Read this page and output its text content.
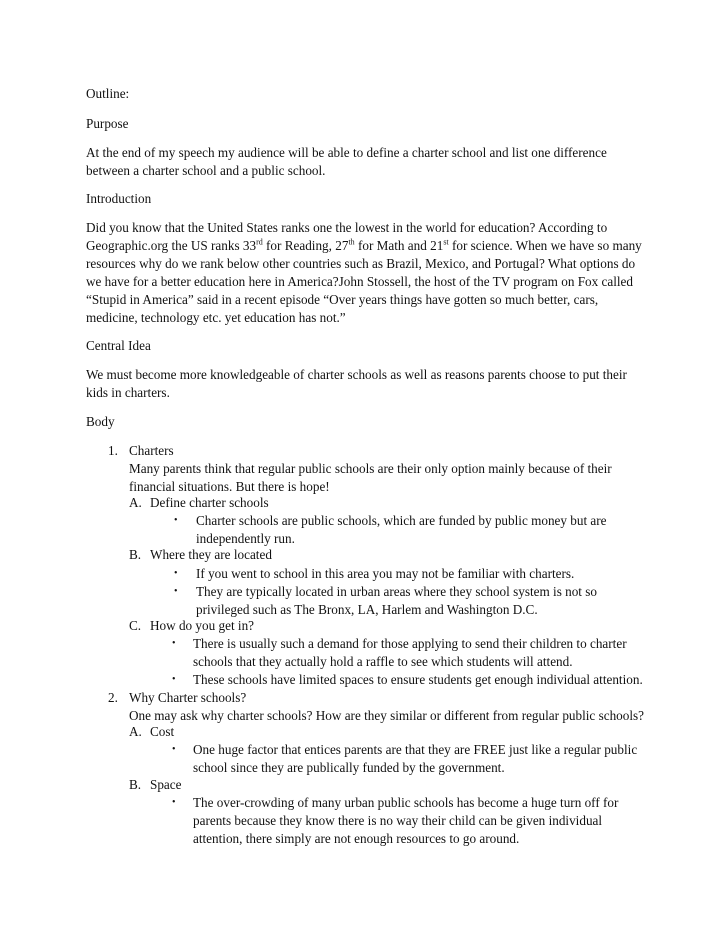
Outline:
Purpose
At the end of my speech my audience will be able to define a charter school and list one difference
between a charter school and a public school.
Introduction
Did you know that the United States ranks one the lowest in the world for education? According to
Geographic.org the US ranks 33rd for Reading, 27th for Math and 21st for science. When we have so many
resources why do we rank below other countries such as Brazil, Mexico, and Portugal? What options do
we have for a better education here in America?John Stossell, the host of the TV program on Fox called
“Stupid in America” said in a recent episode “Over years things have gotten so much better, cars,
medicine, technology etc. yet education has not.”
Central Idea
We must become more knowledgeable of charter schools as well as reasons parents choose to put their
kids in charters.
Body
1. Charters
Many parents think that regular public schools are their only option mainly because of their
financial situations. But there is hope!
A. Define charter schools
• Charter schools are public schools, which are funded by public money but are
independently run.
B. Where they are located
• If you went to school in this area you may not be familiar with charters.
• They are typically located in urban areas where they school system is not so
privileged such as The Bronx, LA, Harlem and Washington D.C.
C. How do you get in?
• There is usually such a demand for those applying to send their children to charter
schools that they actually hold a raffle to see which students will attend.
• These schools have limited spaces to ensure students get enough individual attention.
2. Why Charter schools?
One may ask why charter schools? How are they similar or different from regular public schools?
A. Cost
• One huge factor that entices parents are that they are FREE just like a regular public
school since they are publically funded by the government.
B. Space
• The over-crowding of many urban public schools has become a huge turn off for
parents because they know there is no way their child can be given individual
attention, there simply are not enough resources to go around.
